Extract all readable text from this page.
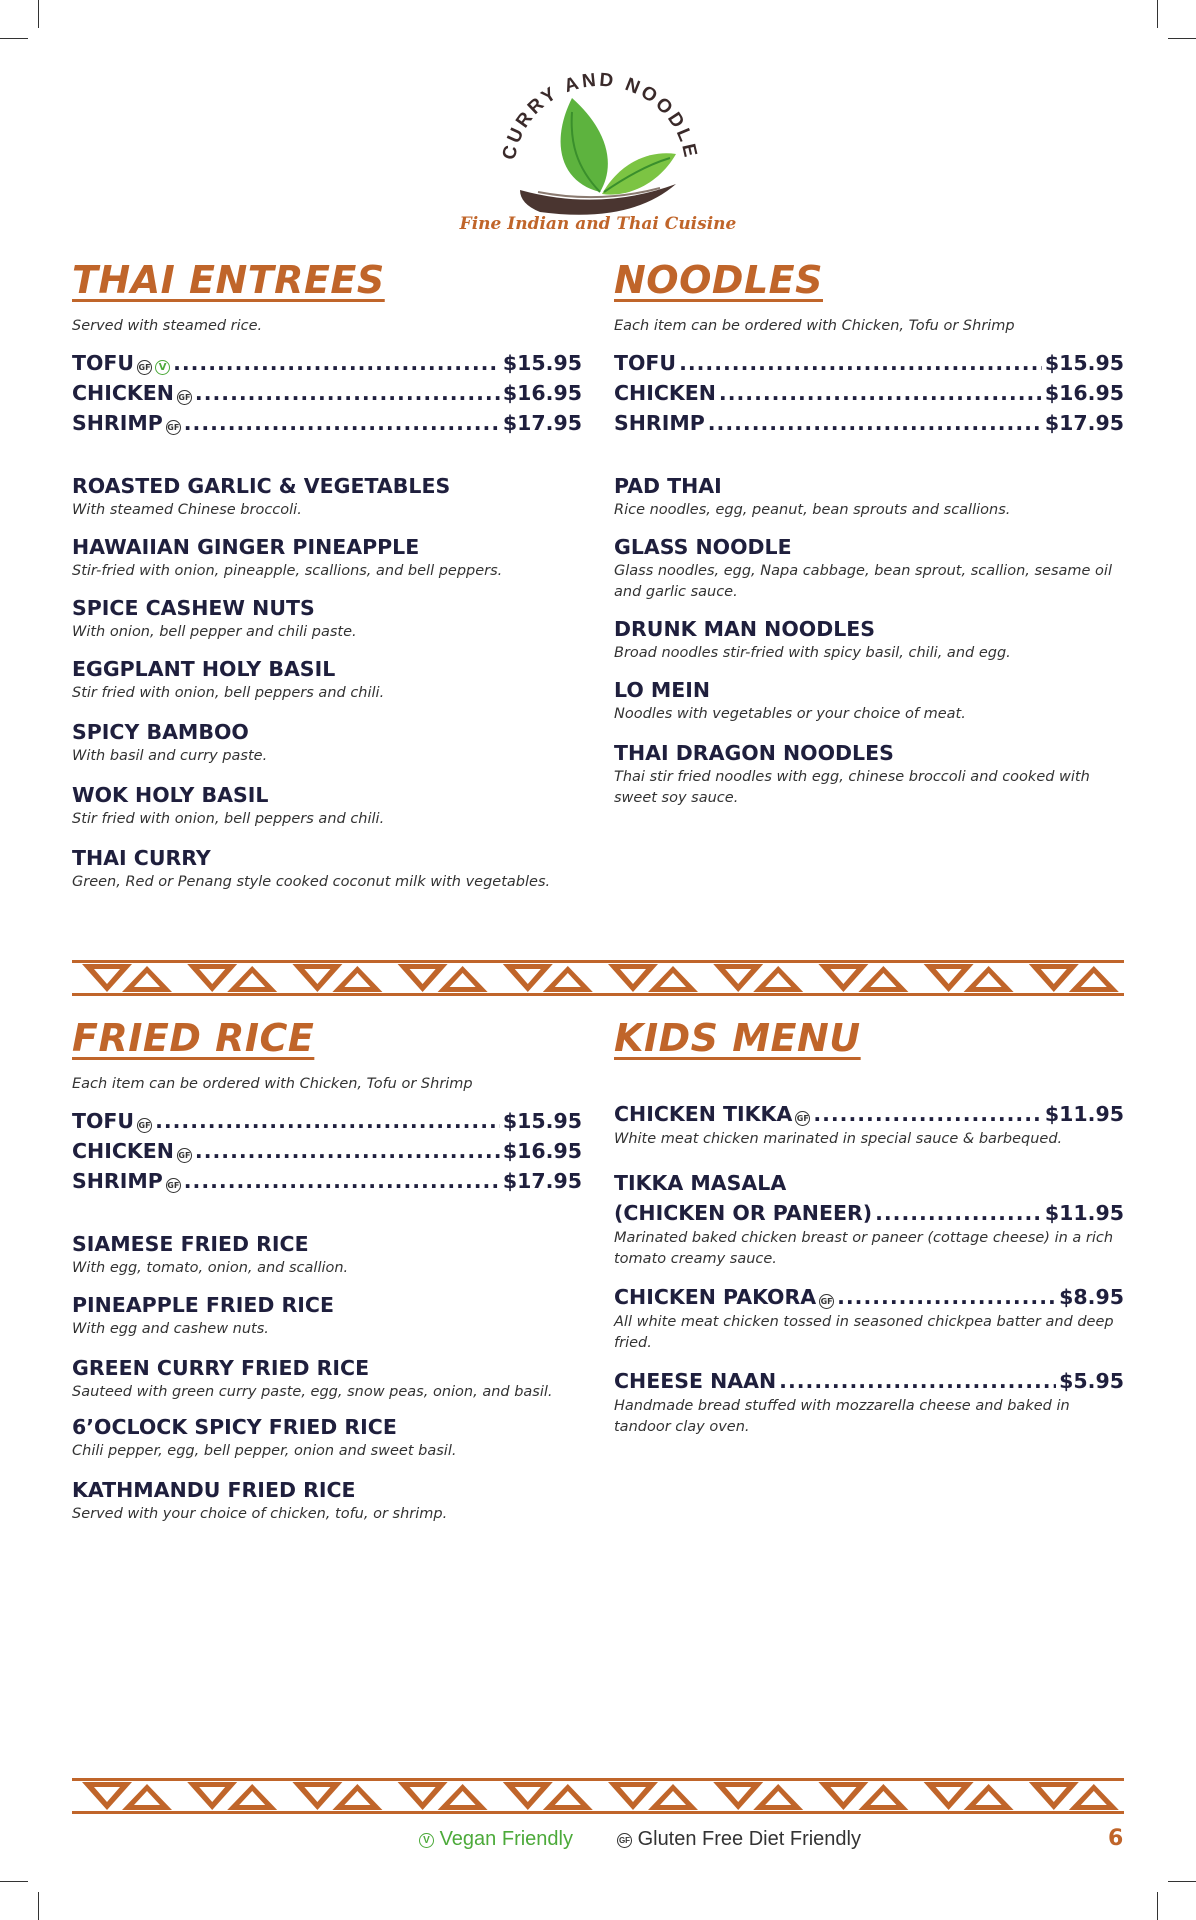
CURRY AND NOODLE
Fine Indian and Thai Cuisine
THAI ENTREES
Served with steamed rice.
TOFU GF V .....	$15.95
CHICKEN GF .....	$16.95
SHRIMP GF .....	$17.95
ROASTED GARLIC & VEGETABLES
With steamed Chinese broccoli.
HAWAIIAN GINGER PINEAPPLE
Stir-fried with onion, pineapple, scallions, and bell peppers.
SPICE CASHEW NUTS
With onion, bell pepper and chili paste.
EGGPLANT HOLY BASIL
Stir fried with onion, bell peppers and chili.
SPICY BAMBOO
With basil and curry paste.
WOK HOLY BASIL
Stir fried with onion, bell peppers and chili.
THAI CURRY
Green, Red or Penang style cooked coconut milk with vegetables.
NOODLES
Each item can be ordered with Chicken, Tofu or Shrimp
TOFU .....	$15.95
CHICKEN .....	$16.95
SHRIMP .....	$17.95
PAD THAI
Rice noodles, egg, peanut, bean sprouts and scallions.
GLASS NOODLE
Glass noodles, egg, Napa cabbage, bean sprout, scallion, sesame oil and garlic sauce.
DRUNK MAN NOODLES
Broad noodles stir-fried with spicy basil, chili, and egg.
LO MEIN
Noodles with vegetables or your choice of meat.
THAI DRAGON NOODLES
Thai stir fried noodles with egg, chinese broccoli and cooked with sweet soy sauce.
FRIED RICE
Each item can be ordered with Chicken, Tofu or Shrimp
TOFU GF .....	$15.95
CHICKEN GF .....	$16.95
SHRIMP GF .....	$17.95
SIAMESE FRIED RICE
With egg, tomato, onion, and scallion.
PINEAPPLE FRIED RICE
With egg and cashew nuts.
GREEN CURRY FRIED RICE
Sauteed with green curry paste, egg, snow peas, onion, and basil.
6’OCLOCK SPICY FRIED RICE
Chili pepper, egg, bell pepper, onion and sweet basil.
KATHMANDU FRIED RICE
Served with your choice of chicken, tofu, or shrimp.
KIDS MENU
CHICKEN TIKKA GF .....	$11.95
White meat chicken marinated in special sauce & barbequed.
TIKKA MASALA
(CHICKEN OR PANEER) .....	$11.95
Marinated baked chicken breast or paneer (cottage cheese) in a rich tomato creamy sauce.
CHICKEN PAKORA GF .....	$8.95
All white meat chicken tossed in seasoned chickpea batter and deep fried.
CHEESE NAAN .....	$5.95
Handmade bread stuffed with mozzarella cheese and baked in tandoor clay oven.
V Vegan Friendly	GF Gluten Free Diet Friendly	6
